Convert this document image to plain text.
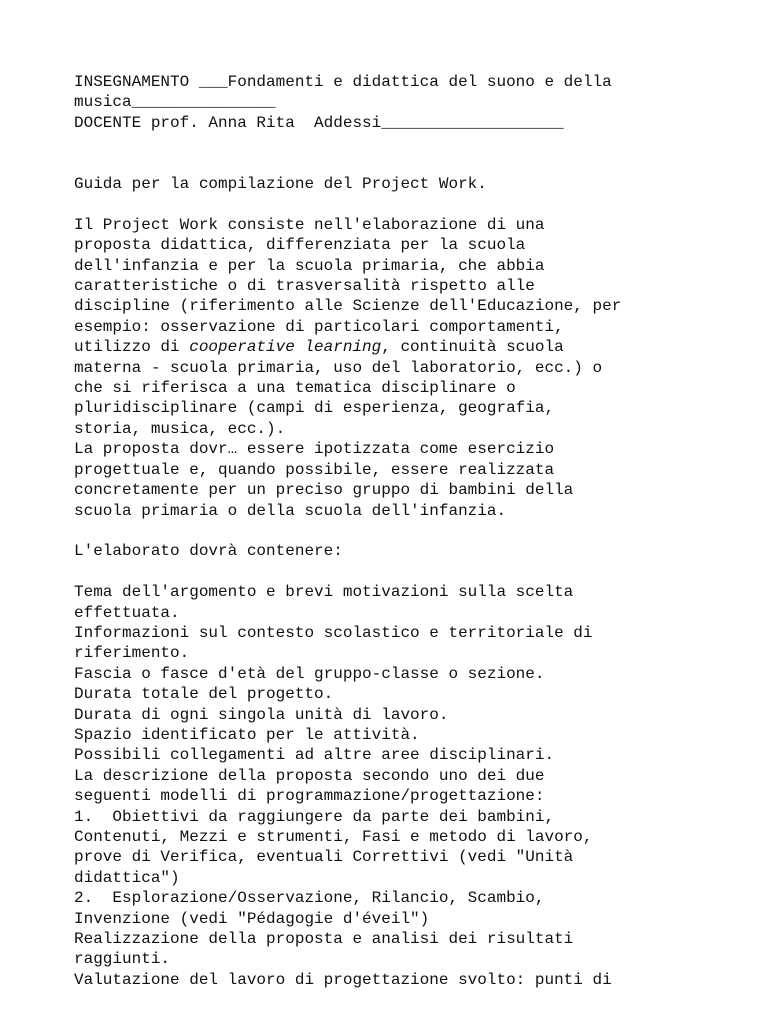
INSEGNAMENTO ___Fondamenti e didattica del suono e della
musica_______________
DOCENTE prof. Anna Rita  Addessi___________________
Guida per la compilazione del Project Work.
Il Project Work consiste nell'elaborazione di una
proposta didattica, differenziata per la scuola
dell'infanzia e per la scuola primaria, che abbia
caratteristiche o di trasversalità rispetto alle
discipline (riferimento alle Scienze dell'Educazione, per
esempio: osservazione di particolari comportamenti,
utilizzo di cooperative learning, continuità scuola
materna - scuola primaria, uso del laboratorio, ecc.) o
che si riferisca a una tematica disciplinare o
pluridisciplinare (campi di esperienza, geografia,
storia, musica, ecc.).
La proposta dovr… essere ipotizzata come esercizio
progettuale e, quando possibile, essere realizzata
concretamente per un preciso gruppo di bambini della
scuola primaria o della scuola dell'infanzia.
L'elaborato dovrà contenere:
Tema dell'argomento e brevi motivazioni sulla scelta
effettuata.
Informazioni sul contesto scolastico e territoriale di
riferimento.
Fascia o fasce d'età del gruppo-classe o sezione.
Durata totale del progetto.
Durata di ogni singola unità di lavoro.
Spazio identificato per le attività.
Possibili collegamenti ad altre aree disciplinari.
La descrizione della proposta secondo uno dei due
seguenti modelli di programmazione/progettazione:
1.  Obiettivi da raggiungere da parte dei bambini,
Contenuti, Mezzi e strumenti, Fasi e metodo di lavoro,
prove di Verifica, eventuali Correttivi (vedi "Unità
didattica")
2.  Esplorazione/Osservazione, Rilancio, Scambio,
Invenzione (vedi "Pédagogie d'éveil")
Realizzazione della proposta e analisi dei risultati
raggiunti.
Valutazione del lavoro di progettazione svolto: punti di
